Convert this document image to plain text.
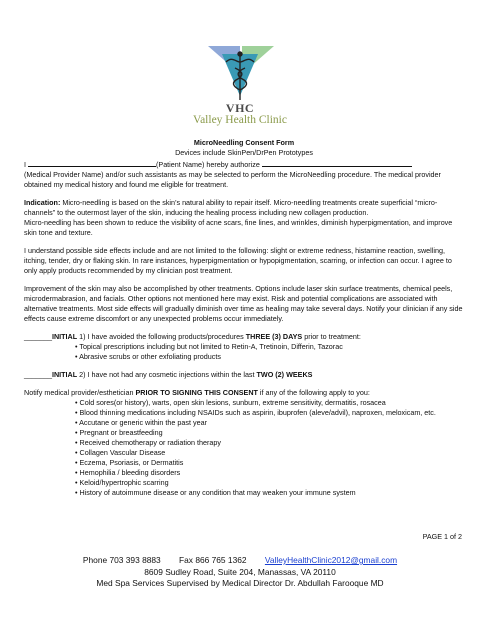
VHC
Valley Health Clinic

MicroNeedling Consent Form

Devices include SkinPen/DrPen Prototypes

I	(Patient Name) hereby authorize

(Medical Provider Name) and/or such assistants as may be selected to perform the MicroNeedling procedure. The medical provider obtained my medical history and found me eligible for treatment.

Indication: Micro-needling is based on the skin’s natural ability to repair itself. Micro-needling treatments create superficial “micro-channels” to the outermost layer of the skin, inducing the healing process including new collagen production.

Micro-needling has been shown to reduce the visibility of acne scars, fine lines, and wrinkles, diminish hyperpigmentation, and improve skin tone and texture.

I understand possible side effects include and are not limited to the following: slight or extreme redness, histamine reaction, swelling, itching, tender, dry or flaking skin. In rare instances, hyperpigmentation or hypopigmentation, scarring, or infection can occur. I agree to only apply products recommended by my clinician post treatment.

Improvement of the skin may also be accomplished by other treatments. Options include laser skin surface treatments, chemical peels, microdermabrasion, and facials. Other options not mentioned here may exist. Risk and potential complications are associated with alternative treatments. Most side effects will gradually diminish over time as healing may take several days. Notify your clinician if any side effects cause extreme discomfort or any unexpected problems occur immediately.

_______INITIAL 1) I have avoided the following products/procedures THREE (3) DAYS prior to treatment:

• Topical prescriptions including but not limited to Retin-A, Tretinoin, Differin, Tazorac

• Abrasive scrubs or other exfoliating products

_______INITIAL 2) I have not had any cosmetic injections within the last TWO (2) WEEKS

Notify medical provider/esthetician PRIOR TO SIGNING THIS CONSENT if any of the following apply to you:

• Cold sores(or history), warts, open skin lesions, sunburn, extreme sensitivity, dermatitis, rosacea

• Blood thinning medications including NSAIDs such as aspirin, ibuprofen (aleve/advil), naproxen, meloxicam, etc.

• Accutane or generic within the past year

• Pregnant or breastfeeding

• Received chemotherapy or radiation therapy

• Collagen Vascular Disease

• Eczema, Psoriasis, or Dermatitis

• Hemophilia / bleeding disorders

• Keloid/hypertrophic scarring

• History of autoimmune disease or any condition that may weaken your immune system

PAGE 1 of 2
Phone 703 393 8883 Fax 866 765 1362 ValleyHealthClinic2012@gmail.com
8609 Sudley Road, Suite 204, Manassas, VA 20110
Med Spa Services Supervised by Medical Director Dr. Abdullah Farooque MD
